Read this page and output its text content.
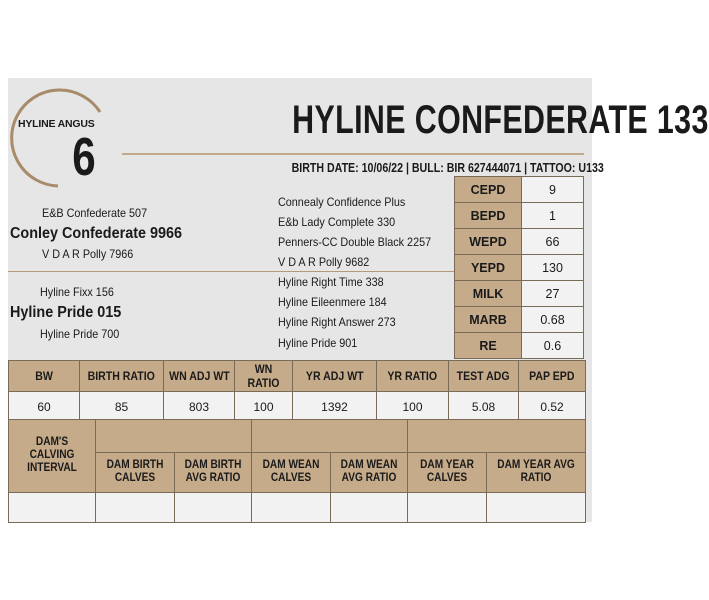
HYLINE ANGUS
6
HYLINE CONFEDERATE 133
BIRTH DATE: 10/06/22 | BULL: BIR 627444071 | TATTOO: U133
E&B Confederate 507
Conley Confederate 9966
V D A R Polly 7966
Hyline Fixx 156
Hyline Pride 015
Hyline Pride 700
Connealy Confidence Plus
E&b Lady Complete 330
Penners-CC Double Black 2257
V D A R Polly 9682
Hyline Right Time 338
Hyline Eileenmere 184
Hyline Right Answer 273
Hyline Pride 901
CEPD	9
BEPD	1
WEPD	66
YEPD	130
MILK	27
MARB	0.68
RE	0.6
BW	BIRTH RATIO	WN ADJ WT	WN RATIO	YR ADJ WT	YR RATIO	TEST ADG	PAP EPD
60	85	803	100	1392	100	5.08	0.52
DAM'S CALVING INTERVAL						
	DAM BIRTH CALVES	DAM BIRTH AVG RATIO	DAM WEAN CALVES	DAM WEAN AVG RATIO	DAM YEAR CALVES	DAM YEAR AVG RATIO
